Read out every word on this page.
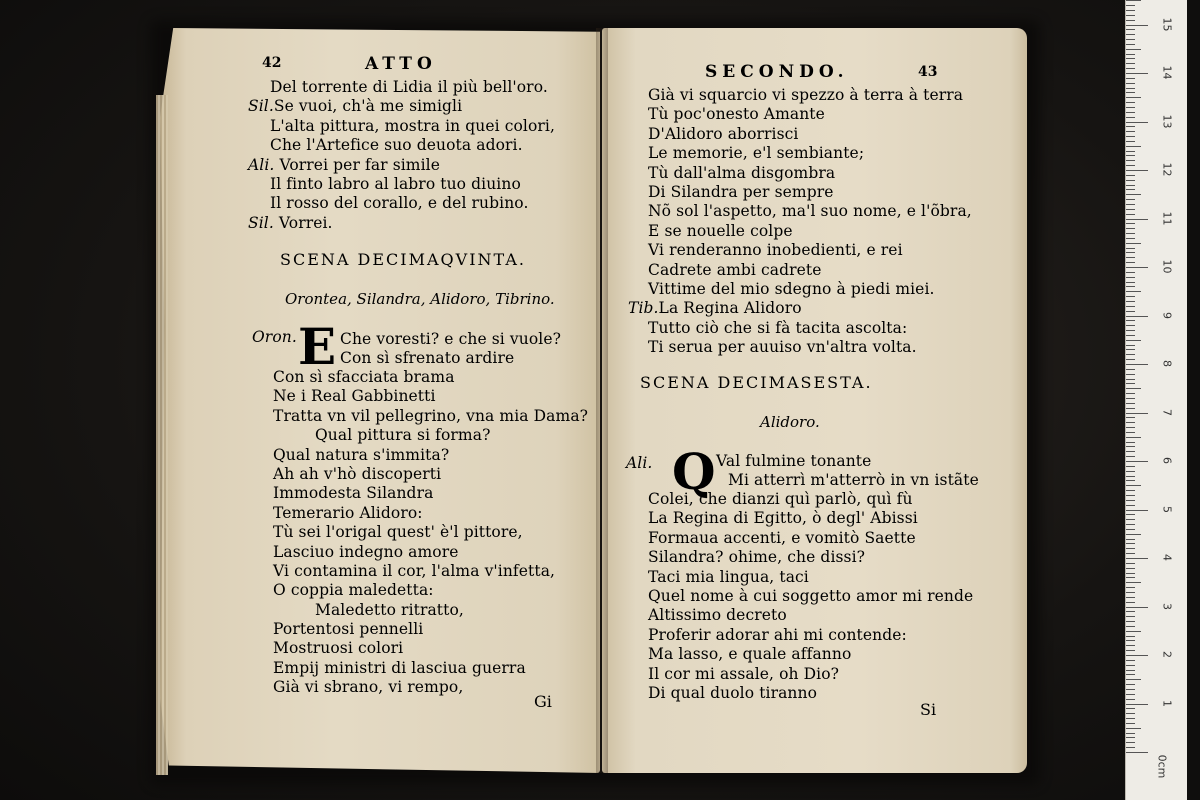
42	ATTO
Del torrente di Lidia il più bell'oro.
Sil.Se vuoi, ch'à me simigli
L'alta pittura, mostra in quei colori,
Che l'Artefice suo deuota adori.
Ali. Vorrei per far simile
Il finto labro al labro tuo diuino
Il rosso del corallo, e del rubino.
Sil. Vorrei.
SCENA DECIMAQVINTA.
Orontea, Silandra, Alidoro, Tibrino.
Oron. E Che voresti? e che si vuole?
Con sì sfrenato ardire
Con sì sfacciata brama
Ne i Real Gabbinetti
Tratta vn vil pellegrino, vna mia Dama?
Qual pittura si forma?
Qual natura s'immita?
Ah ah v'hò discoperti
Immodesta Silandra
Temerario Alidoro:
Tù sei l'origal quest' è'l pittore,
Lasciuo indegno amore
Vi contamina il cor, l'alma v'infetta,
O coppia maledetta:
Maledetto ritratto,
Portentosi pennelli
Mostruosi colori
Empij ministri di lasciua guerra
Già vi sbrano, vi rempo,
Gi
SECONDO.	43
Già vi squarcio vi spezzo à terra à terra
Tù poc'onesto Amante
D'Alidoro aborrisci
Le memorie, e'l sembiante;
Tù dall'alma disgombra
Di Silandra per sempre
Nõ sol l'aspetto, ma'l suo nome, e l'õbra,
E se nouelle colpe
Vi renderanno inobedienti, e rei
Cadrete ambi cadrete
Vittime del mio sdegno à piedi miei.
Tib.La Regina Alidoro
Tutto ciò che si fà tacita ascolta:
Ti serua per auuiso vn'altra volta.
SCENA DECIMASESTA.
Alidoro.
Ali. Q Val fulmine tonante
Mi atterrì m'atterrò in vn istãte
Colei, che dianzi quì parlò, quì fù
La Regina di Egitto, ò degl' Abissi
Formaua accenti, e vomitò Saette
Silandra? ohime, che dissi?
Taci mia lingua, taci
Quel nome à cui soggetto amor mi rende
Altissimo decreto
Proferir adorar ahi mi contende:
Ma lasso, e quale affanno
Il cor mi assale, oh Dio?
Di qual duolo tiranno
Si
0cm
1
2
3
4
5
6
7
8
9
10
11
12
13
14
15
